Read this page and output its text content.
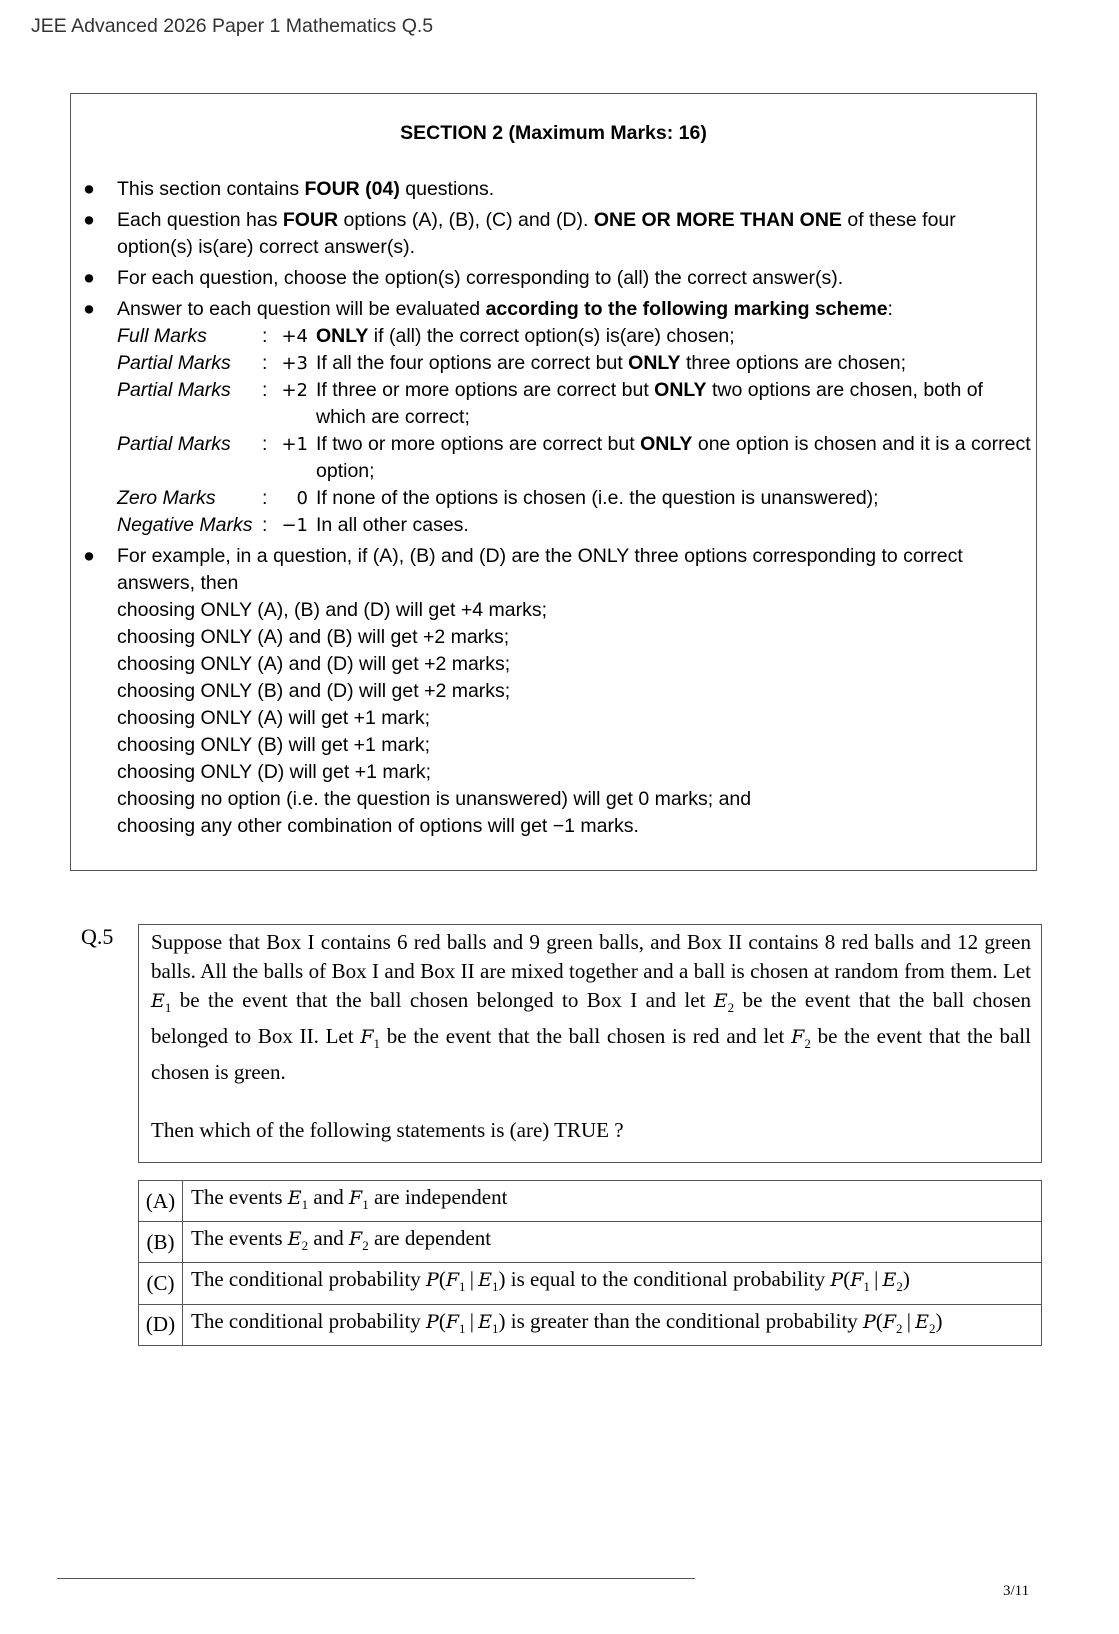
JEE Advanced 2026 Paper 1 Mathematics Q.5
SECTION 2 (Maximum Marks: 16)
● This section contains FOUR (04) questions.
● Each question has FOUR options (A), (B), (C) and (D). ONE OR MORE THAN ONE of these four option(s) is(are) correct answer(s).
● For each question, choose the option(s) corresponding to (all) the correct answer(s).
● Answer to each question will be evaluated according to the following marking scheme:
Full Marks	: +4 ONLY if (all) the correct option(s) is(are) chosen;
Partial Marks	: +3 If all the four options are correct but ONLY three options are chosen;
Partial Marks	: +2 If three or more options are correct but ONLY two options are chosen, both of which are correct;
Partial Marks	: +1 If two or more options are correct but ONLY one option is chosen and it is a correct option;
Zero Marks	:	0 If none of the options is chosen (i.e. the question is unanswered);
Negative Marks : −1 In all other cases.
● For example, in a question, if (A), (B) and (D) are the ONLY three options corresponding to correct answers, then
choosing ONLY (A), (B) and (D) will get +4 marks;
choosing ONLY (A) and (B) will get +2 marks;
choosing ONLY (A) and (D) will get +2 marks;
choosing ONLY (B) and (D) will get +2 marks;
choosing ONLY (A) will get +1 mark;
choosing ONLY (B) will get +1 mark;
choosing ONLY (D) will get +1 mark;
choosing no option (i.e. the question is unanswered) will get 0 marks; and
choosing any other combination of options will get −1 marks.
Q.5 Suppose that Box I contains 6 red balls and 9 green balls, and Box II contains 8 red balls and 12 green balls. All the balls of Box I and Box II are mixed together and a ball is chosen at random from them. Let $E_1$ be the event that the ball chosen belonged to Box I and let $E_2$ be the event that the ball chosen belonged to Box II. Let $F_1$ be the event that the ball chosen is red and let $F_2$ be the event that the ball chosen is green.

Then which of the following statements is (are) TRUE ?

(A)	The events $E_1$ and $F_1$ are independent
(B)	The events $E_2$ and $F_2$ are dependent
(C)	The conditional probability $P(F_1$  |  $E_1$) is equal to the conditional probability $P(F_1$  |  $E_2$)
(D)	The conditional probability $P(F_1$  |  $E_1$) is greater than the conditional probability $P(F_2$  |  $E_2$)
3/11
